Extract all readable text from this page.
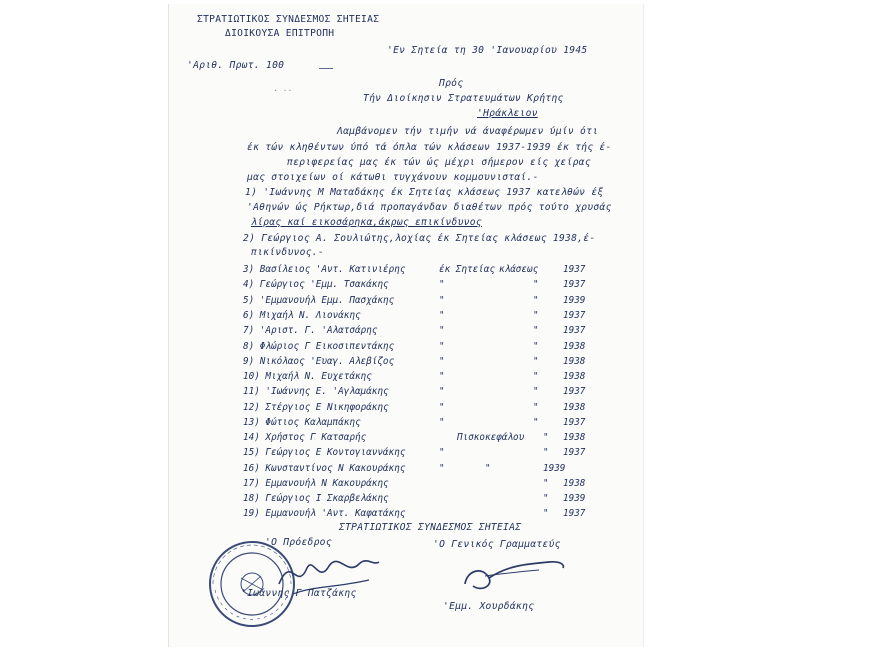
ΣΤΡΑΤΙΩΤΙΚΟΣ ΣΥΝΔΕΣΜΟΣ ΣΗΤΕΙΑΣ
ΔΙΟΙΚΟΥΣΑ ΕΠΙΤΡΟΠΗ
'Εν Σητεία τη 30 'Ιανουαρίου 1945
'Αριθ. Πρωτ. 100
Πρός
Τήν Διοίκησιν Στρατευμάτων Κρήτης
'Ηράκλειον
· ··
Λαμβάνομεν τήν τιμήν νά άναφέρωμεν ύμίν ότι
έκ τών κληθέντων ύπό τά όπλα τών κλάσεων 1937-1939 έκ τής έ-
περιφερείας μας έκ τών ώς μέχρι σήμερον είς χείρας
μας στοιχείων οί κάτωθι τυγχάνουν κομμουνισταί.-
1) 'Ιωάννης Μ Ματαδάκης έκ Σητείας κλάσεως 1937 κατελθών έξ
'Αθηνών ώς Ρήκτωρ,διά προπαγάνδαν διαθέτων πρός τούτο χρυσάς
λίρας καί εικοσάρηκα,άκρως επικίνδυνος
2) Γεώργιος Α. Σουλιώτης,λοχίας έκ Σητείας κλάσεως 1938,έ-
πικίνδυνος.-
3) Βασίλειος 'Αντ. Κατινιέρης	έκ Σητείας κλάσεως	1937
4) Γεώργιος 'Εμμ. Τσακάκης	"	"	1937
5) 'Εμμανουήλ Εμμ. Πασχάκης	"	"	1939
6) Μιχαήλ Ν. Λιονάκης	"	"	1937
7) 'Αριστ. Γ. 'Αλατσάρης	"	"	1937
8) Φλώριος Γ Εικοσιπεντάκης	"	"	1938
9) Νικόλαος 'Ευαγ. Αλεβίζος	"	"	1938
10) Μιχαήλ Ν. Ευχετάκης	"	"	1938
11) 'Ιωάννης Ε. 'Αγλαμάκης	"	"	1937
12) Στέργιος Ε Νικηφοράκης	"	"	1938
13) Φώτιος Καλαμπάκης	"	"	1937
14) Χρήστος Γ Κατσαρής	Πισκοκεφάλου " 1938
15) Γεώργιος Ε Κοντογιαννάκης	"	" 1937
16) Κωνσταντίνος Ν Κακουράκης	"	"	1939
17) Εμμανουήλ Ν Κακουράκης	" 1938
18) Γεώργιος Ι Σκαρβελάκης	" 1939
19) Εμμανουήλ 'Αντ. Καφατάκης	" 1937
ΣΤΡΑΤΙΩΤΙΚΟΣ ΣΥΝΔΕΣΜΟΣ ΣΗΤΕΙΑΣ
'Ο Πρόεδρος	'Ο Γενικός Γραμματεύς
'Ιωάννης Γ Πατζάκης
'Εμμ. Χουρδάκης
